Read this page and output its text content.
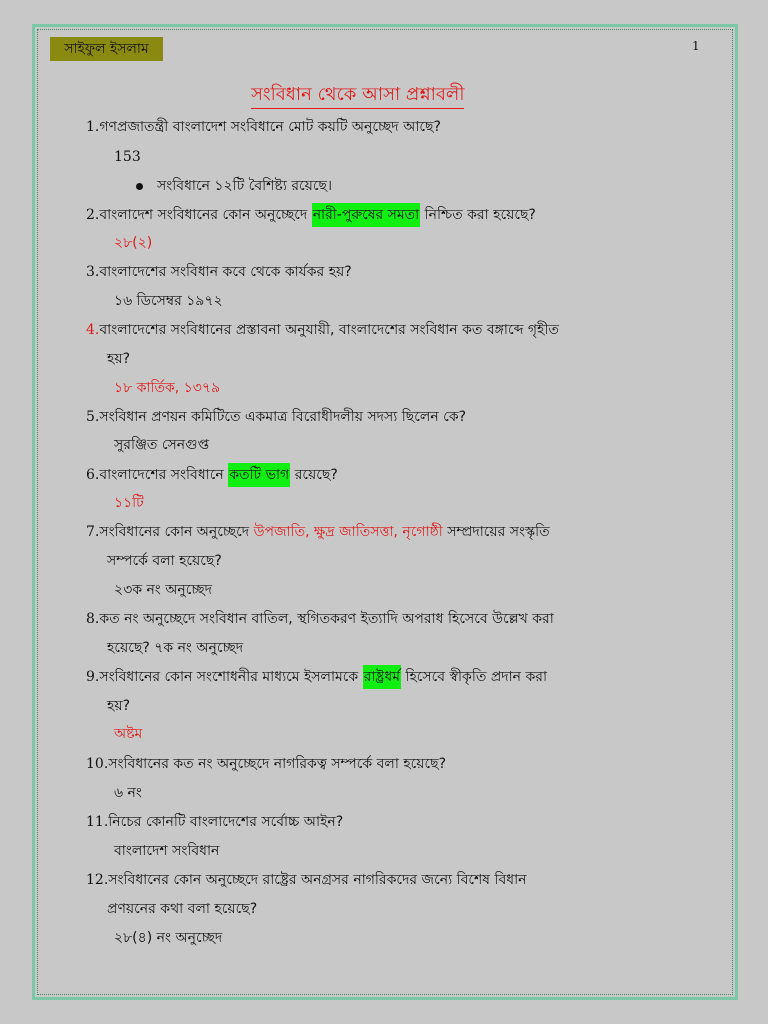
সাইফুল ইসলাম	1
সংবিধান থেকে আসা প্রশ্নাবলী
1.গণপ্রজাতন্ত্রী বাংলাদেশ সংবিধানে মোট কয়টি অনুচ্ছেদ আছে?
153
সংবিধানে ১২টি বৈশিষ্ট্য রয়েছে।
2.বাংলাদেশ সংবিধানের কোন অনুচ্ছেদে নারী-পুরুষের সমতা নিশ্চিত করা হয়েছে?
২৮(২)
3.বাংলাদেশের সংবিধান কবে থেকে কার্যকর হয়?
১৬ ডিসেম্বর ১৯৭২
4.বাংলাদেশের সংবিধানের প্রস্তাবনা অনুযায়ী, বাংলাদেশের সংবিধান কত বঙ্গাব্দে গৃহীত
হয়?
১৮ কার্তিক, ১৩৭৯
5.সংবিধান প্রণয়ন কমিটিতে একমাত্র বিরোধীদলীয় সদস্য ছিলেন কে?
সুরঞ্জিত সেনগুপ্ত
6.বাংলাদেশের সংবিধানে কতটি ভাগ রয়েছে?
১১টি
7.সংবিধানের কোন অনুচ্ছেদে উপজাতি, ক্ষুদ্র জাতিসত্তা, নৃগোষ্ঠী সম্প্রদায়ের সংস্কৃতি
সম্পর্কে বলা হয়েছে?
২৩ক নং অনুচ্ছেদ
8.কত নং অনুচ্ছেদে সংবিধান বাতিল, স্থগিতকরণ ইত্যাদি অপরাধ হিসেবে উল্লেখ করা
হয়েছে? ৭ক নং অনুচ্ছেদ
9.সংবিধানের কোন সংশোধনীর মাধ্যমে ইসলামকে রাষ্ট্রধর্ম হিসেবে স্বীকৃতি প্রদান করা
হয়?
অষ্টম
10.সংবিধানের কত নং অনুচ্ছেদে নাগরিকত্ব সম্পর্কে বলা হয়েছে?
৬ নং
11.নিচের কোনটি বাংলাদেশের সর্বোচ্চ আইন?
বাংলাদেশ সংবিধান
12.সংবিধানের কোন অনুচ্ছেদে রাষ্ট্রের অনগ্রসর নাগরিকদের জন্যে বিশেষ বিধান
প্রণয়নের কথা বলা হয়েছে?
২৮(৪) নং অনুচ্ছেদ
